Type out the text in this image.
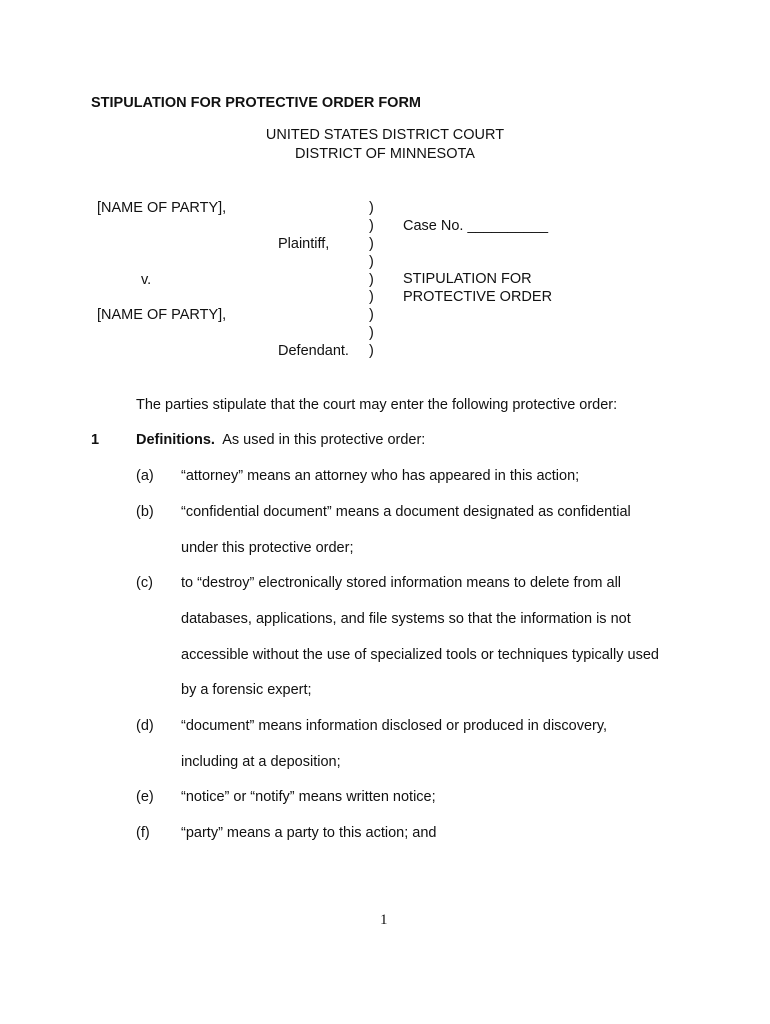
STIPULATION FOR PROTECTIVE ORDER FORM
UNITED STATES DISTRICT COURT
DISTRICT OF MINNESOTA
[NAME OF PARTY],
Plaintiff,
v.
[NAME OF PARTY],
Defendant.
)
)
)
)
)
)
)
)
)
Case No. __________
STIPULATION FOR
PROTECTIVE ORDER
The parties stipulate that the court may enter the following protective order:
1	Definitions. As used in this protective order:
(a) “attorney” means an attorney who has appeared in this action;
(b) “confidential document” means a document designated as confidential
under this protective order;
(c) to “destroy” electronically stored information means to delete from all
databases, applications, and file systems so that the information is not
accessible without the use of specialized tools or techniques typically used
by a forensic expert;
(d) “document” means information disclosed or produced in discovery,
including at a deposition;
(e) “notice” or “notify” means written notice;
(f) “party” means a party to this action; and
1
